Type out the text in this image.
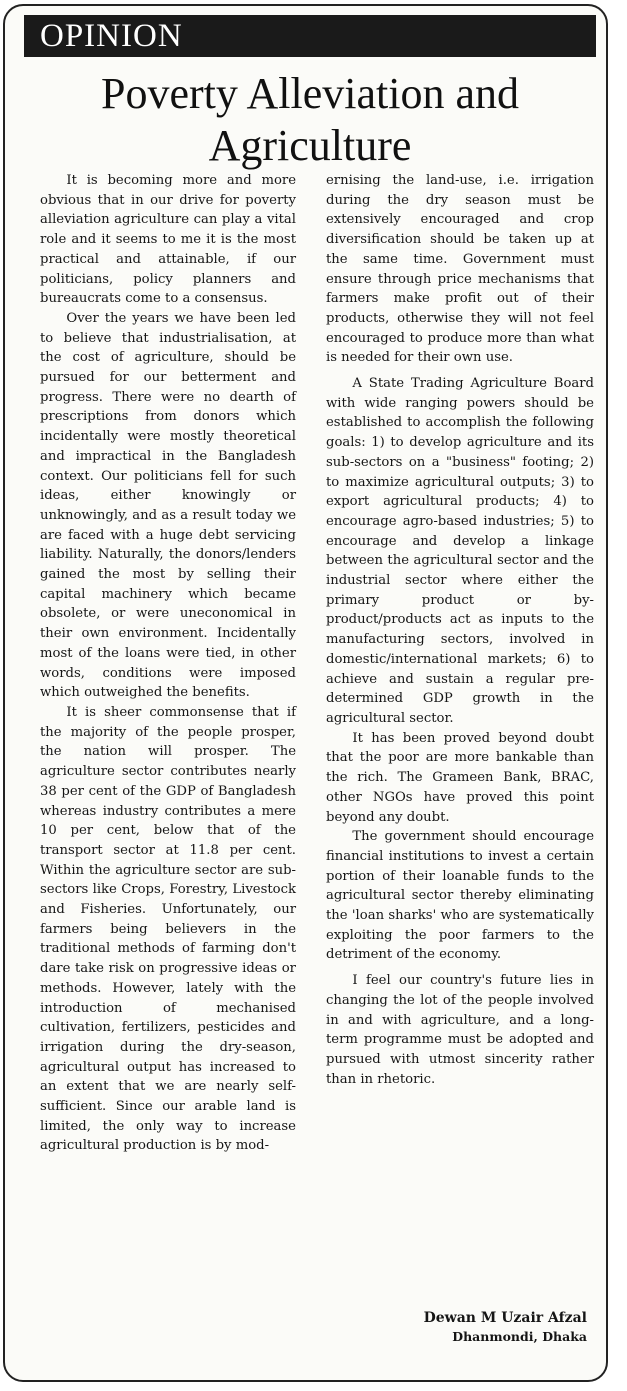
OPINION
Poverty Alleviation and Agriculture

It is becoming more and more obvious that in our drive for poverty alleviation agriculture can play a vital role and it seems to me it is the most practical and attainable, if our politicians, policy planners and bureaucrats come to a consensus.

Over the years we have been led to believe that industrialisation, at the cost of agriculture, should be pursued for our betterment and progress. There were no dearth of prescriptions from donors which incidentally were mostly theoretical and impractical in the Bangladesh context. Our politicians fell for such ideas, either knowingly or unknowingly, and as a result today we are faced with a huge debt servicing liability. Naturally, the donors/lenders gained the most by selling their capital machinery which became obsolete, or were uneconomical in their own environment. Incidentally most of the loans were tied, in other words, conditions were imposed which outweighed the benefits.

It is sheer commonsense that if the majority of the people prosper, the nation will prosper. The agriculture sector contributes nearly 38 per cent of the GDP of Bangladesh whereas industry contributes a mere 10 per cent, below that of the transport sector at 11.8 per cent. Within the agriculture sector are sub-sectors like Crops, Forestry, Livestock and Fisheries. Unfortunately, our farmers being believers in the traditional methods of farming don't dare take risk on progressive ideas or methods. However, lately with the introduction of mechanised cultivation, fertilizers, pesticides and irrigation during the dry-season, agricultural output has increased to an extent that we are nearly self-sufficient. Since our arable land is limited, the only way to increase agricultural production is by mod-

ernising the land-use, i.e. irrigation during the dry season must be extensively encouraged and crop diversification should be taken up at the same time. Government must ensure through price mechanisms that farmers make profit out of their products, otherwise they will not feel encouraged to produce more than what is needed for their own use.

A State Trading Agriculture Board with wide ranging powers should be established to accomplish the following goals: 1) to develop agriculture and its sub-sectors on a "business" footing; 2) to maximize agricultural outputs; 3) to export agricultural products; 4) to encourage agro-based industries; 5) to encourage and develop a linkage between the agricultural sector and the industrial sector where either the primary product or by-product/products act as inputs to the manufacturing sectors, involved in domestic/international markets; 6) to achieve and sustain a regular pre-determined GDP growth in the agricultural sector.

It has been proved beyond doubt that the poor are more bankable than the rich. The Grameen Bank, BRAC, other NGOs have proved this point beyond any doubt.

The government should encourage financial institutions to invest a certain portion of their loanable funds to the agricultural sector thereby eliminating the 'loan sharks' who are systematically exploiting the poor farmers to the detriment of the economy.

I feel our country's future lies in changing the lot of the people involved in and with agriculture, and a long-term programme must be adopted and pursued with utmost sincerity rather than in rhetoric.

Dewan M Uzair Afzal
Dhanmondi, Dhaka
